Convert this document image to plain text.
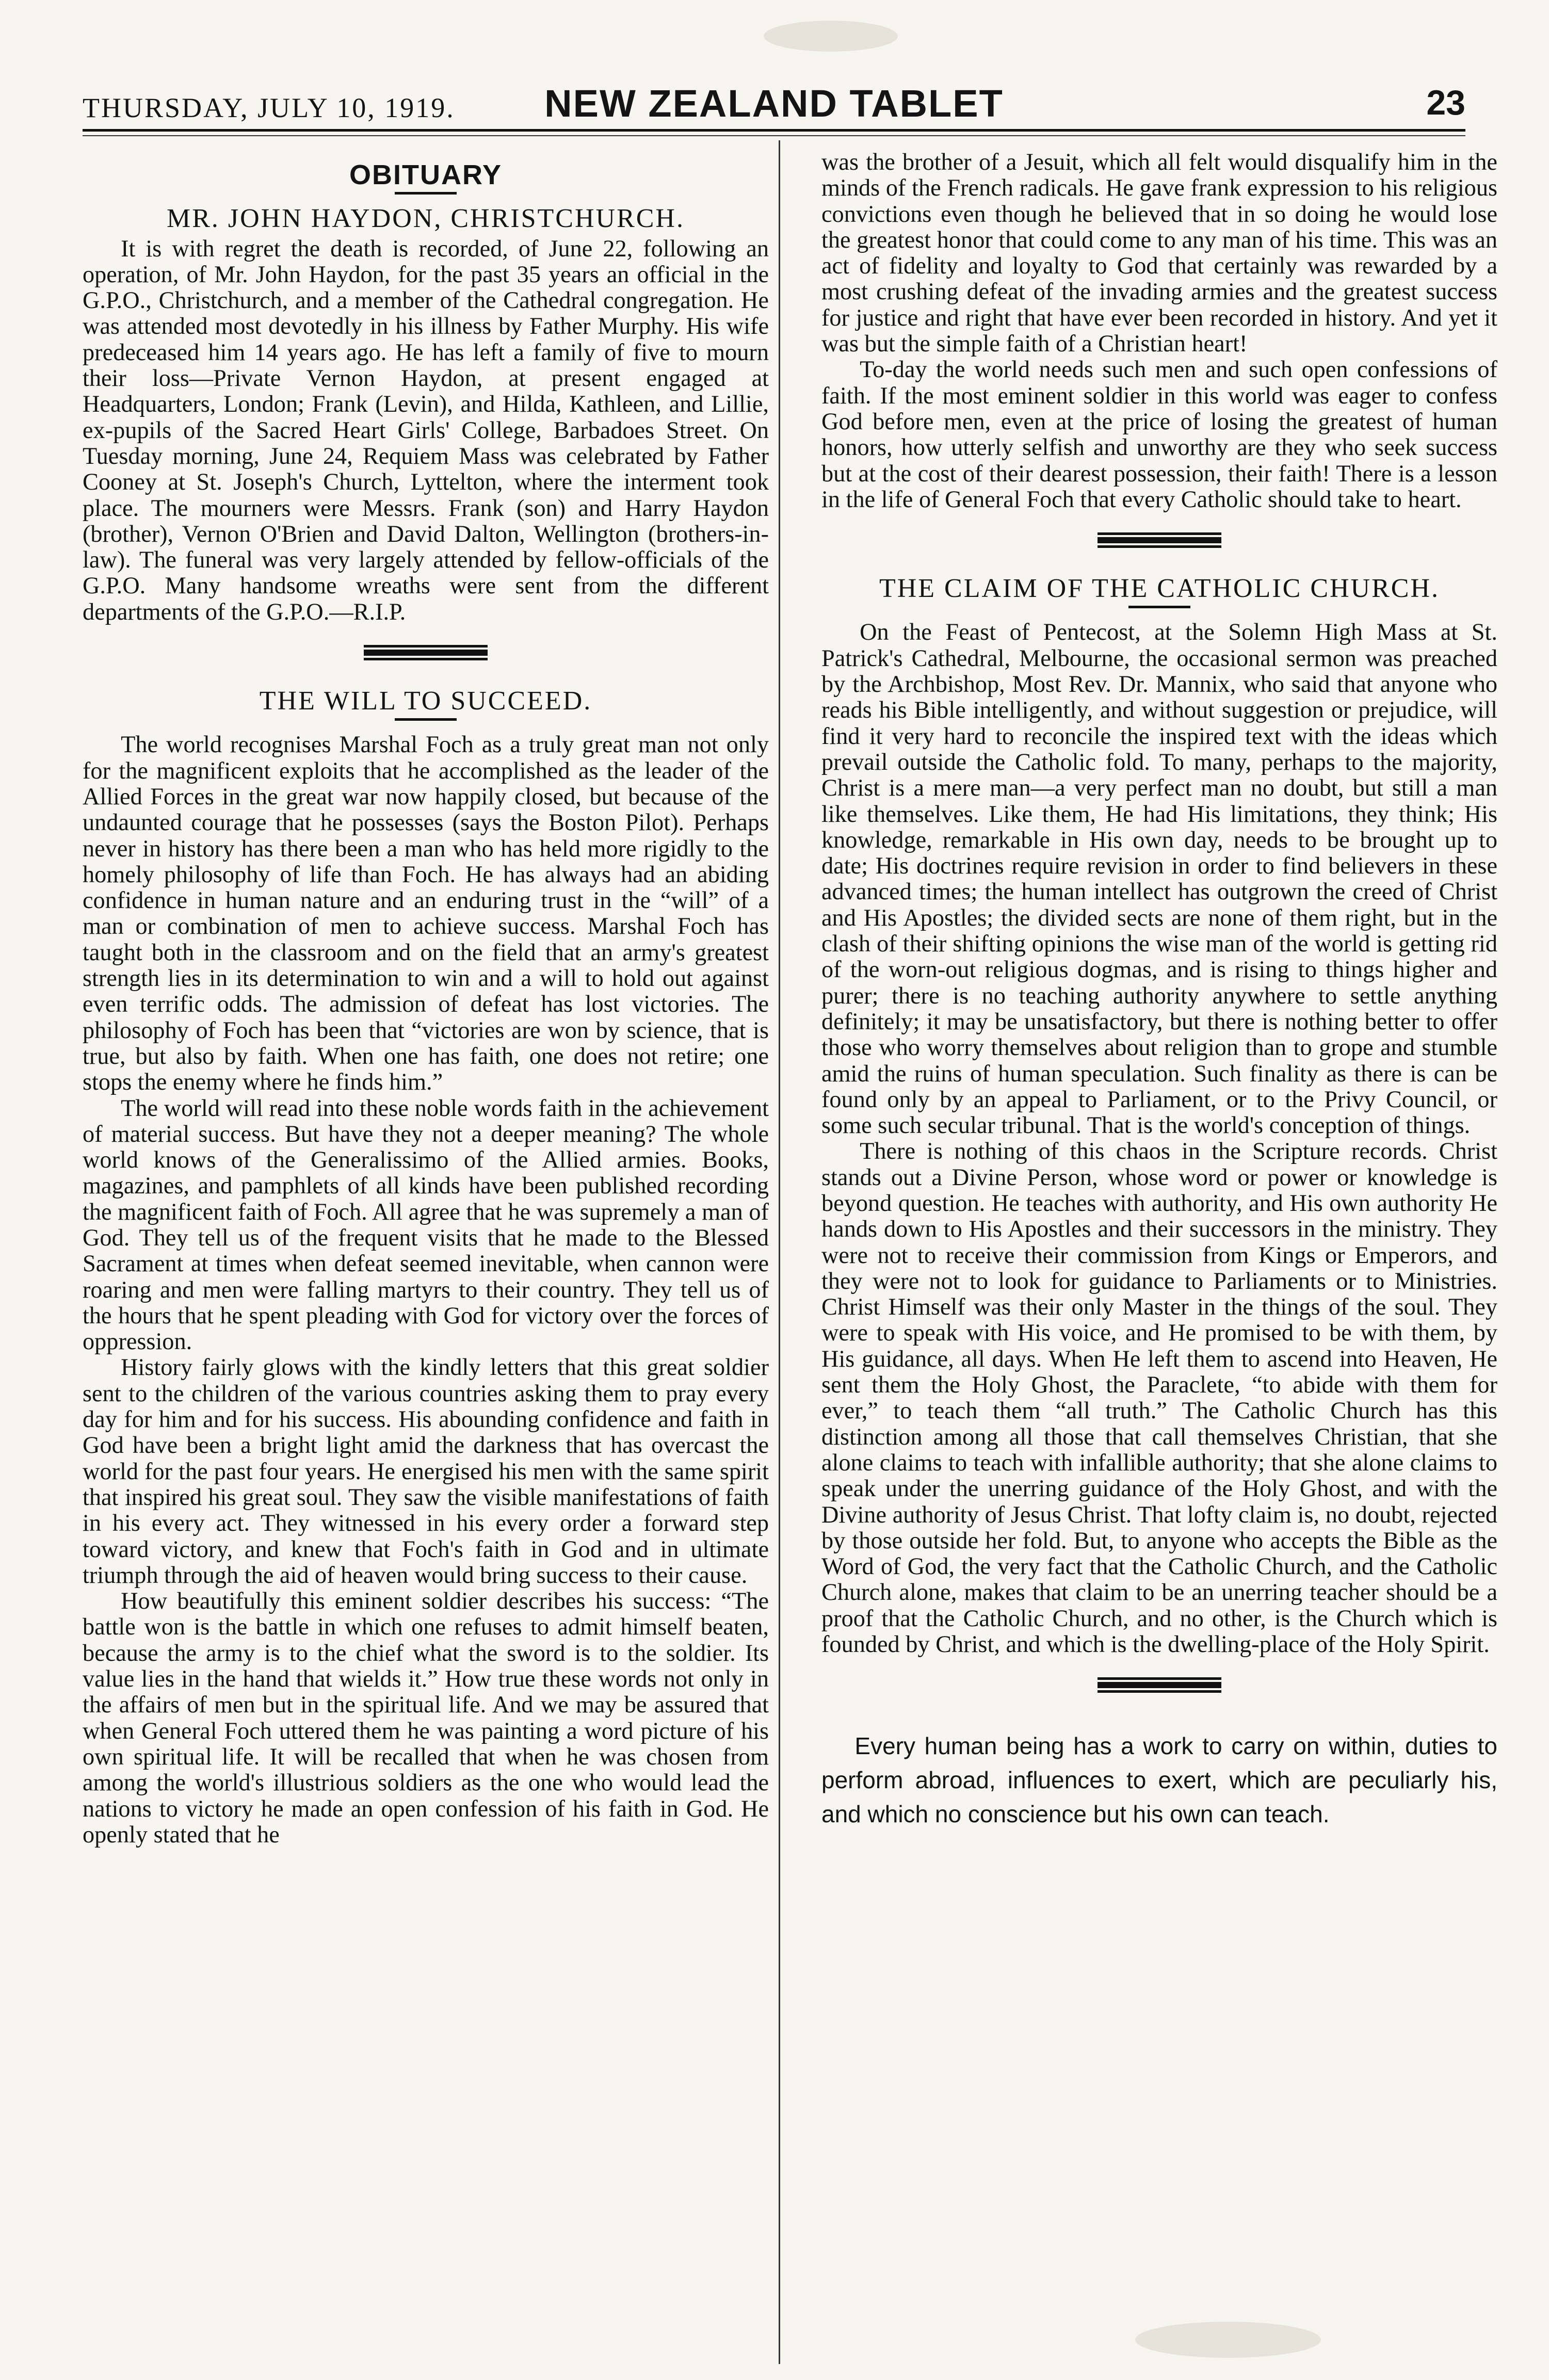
THURSDAY, JULY 10, 1919.	NEW ZEALAND TABLET	23
OBITUARY
MR. JOHN HAYDON, CHRISTCHURCH.

It is with regret the death is recorded, of June 22, following an operation, of Mr. John Haydon, for the past 35 years an official in the G.P.O., Christchurch, and a member of the Cathedral congregation. He was attended most devotedly in his illness by Father Murphy. His wife predeceased him 14 years ago. He has left a family of five to mourn their loss—Private Vernon Haydon, at present engaged at Headquarters, London; Frank (Levin), and Hilda, Kathleen, and Lillie, ex-pupils of the Sacred Heart Girls' College, Barbadoes Street. On Tuesday morning, June 24, Requiem Mass was celebrated by Father Cooney at St. Joseph's Church, Lyttelton, where the interment took place. The mourners were Messrs. Frank (son) and Harry Haydon (brother), Vernon O'Brien and David Dalton, Wellington (brothers-in-law). The funeral was very largely attended by fellow-officials of the G.P.O. Many handsome wreaths were sent from the different departments of the G.P.O.—R.I.P.

THE WILL TO SUCCEED.

The world recognises Marshal Foch as a truly great man not only for the magnificent exploits that he accomplished as the leader of the Allied Forces in the great war now happily closed, but because of the undaunted courage that he possesses (says the Boston Pilot). Perhaps never in history has there been a man who has held more rigidly to the homely philosophy of life than Foch. He has always had an abiding confidence in human nature and an enduring trust in the “will” of a man or combination of men to achieve success. Marshal Foch has taught both in the classroom and on the field that an army's greatest strength lies in its determination to win and a will to hold out against even terrific odds. The admission of defeat has lost victories. The philosophy of Foch has been that “victories are won by science, that is true, but also by faith. When one has faith, one does not retire; one stops the enemy where he finds him.”

The world will read into these noble words faith in the achievement of material success. But have they not a deeper meaning? The whole world knows of the Generalissimo of the Allied armies. Books, magazines, and pamphlets of all kinds have been published recording the magnificent faith of Foch. All agree that he was supremely a man of God. They tell us of the frequent visits that he made to the Blessed Sacrament at times when defeat seemed inevitable, when cannon were roaring and men were falling martyrs to their country. They tell us of the hours that he spent pleading with God for victory over the forces of oppression.

History fairly glows with the kindly letters that this great soldier sent to the children of the various countries asking them to pray every day for him and for his success. His abounding confidence and faith in God have been a bright light amid the darkness that has overcast the world for the past four years. He energised his men with the same spirit that inspired his great soul. They saw the visible manifestations of faith in his every act. They witnessed in his every order a forward step toward victory, and knew that Foch's faith in God and in ultimate triumph through the aid of heaven would bring success to their cause.

How beautifully this eminent soldier describes his success: “The battle won is the battle in which one refuses to admit himself beaten, because the army is to the chief what the sword is to the soldier. Its value lies in the hand that wields it.” How true these words not only in the affairs of men but in the spiritual life. And we may be assured that when General Foch uttered them he was painting a word picture of his own spiritual life. It will be recalled that when he was chosen from among the world's illustrious soldiers as the one who would lead the nations to victory he made an open confession of his faith in God. He openly stated that he

was the brother of a Jesuit, which all felt would disqualify him in the minds of the French radicals. He gave frank expression to his religious convictions even though he believed that in so doing he would lose the greatest honor that could come to any man of his time. This was an act of fidelity and loyalty to God that certainly was rewarded by a most crushing defeat of the invading armies and the greatest success for justice and right that have ever been recorded in history. And yet it was but the simple faith of a Christian heart!

To-day the world needs such men and such open confessions of faith. If the most eminent soldier in this world was eager to confess God before men, even at the price of losing the greatest of human honors, how utterly selfish and unworthy are they who seek success but at the cost of their dearest possession, their faith! There is a lesson in the life of General Foch that every Catholic should take to heart.

THE CLAIM OF THE CATHOLIC CHURCH.

On the Feast of Pentecost, at the Solemn High Mass at St. Patrick's Cathedral, Melbourne, the occasional sermon was preached by the Archbishop, Most Rev. Dr. Mannix, who said that anyone who reads his Bible intelligently, and without suggestion or prejudice, will find it very hard to reconcile the inspired text with the ideas which prevail outside the Catholic fold. To many, perhaps to the majority, Christ is a mere man—a very perfect man no doubt, but still a man like themselves. Like them, He had His limitations, they think; His knowledge, remarkable in His own day, needs to be brought up to date; His doctrines require revision in order to find believers in these advanced times; the human intellect has outgrown the creed of Christ and His Apostles; the divided sects are none of them right, but in the clash of their shifting opinions the wise man of the world is getting rid of the worn-out religious dogmas, and is rising to things higher and purer; there is no teaching authority anywhere to settle anything definitely; it may be unsatisfactory, but there is nothing better to offer those who worry themselves about religion than to grope and stumble amid the ruins of human speculation. Such finality as there is can be found only by an appeal to Parliament, or to the Privy Council, or some such secular tribunal. That is the world's conception of things.

There is nothing of this chaos in the Scripture records. Christ stands out a Divine Person, whose word or power or knowledge is beyond question. He teaches with authority, and His own authority He hands down to His Apostles and their successors in the ministry. They were not to receive their commission from Kings or Emperors, and they were not to look for guidance to Parliaments or to Ministries. Christ Himself was their only Master in the things of the soul. They were to speak with His voice, and He promised to be with them, by His guidance, all days. When He left them to ascend into Heaven, He sent them the Holy Ghost, the Paraclete, “to abide with them for ever,” to teach them “all truth.” The Catholic Church has this distinction among all those that call themselves Christian, that she alone claims to teach with infallible authority; that she alone claims to speak under the unerring guidance of the Holy Ghost, and with the Divine authority of Jesus Christ. That lofty claim is, no doubt, rejected by those outside her fold. But, to anyone who accepts the Bible as the Word of God, the very fact that the Catholic Church, and the Catholic Church alone, makes that claim to be an unerring teacher should be a proof that the Catholic Church, and no other, is the Church which is founded by Christ, and which is the dwelling-place of the Holy Spirit.

Every human being has a work to carry on within, duties to perform abroad, influences to exert, which are peculiarly his, and which no conscience but his own can teach.
